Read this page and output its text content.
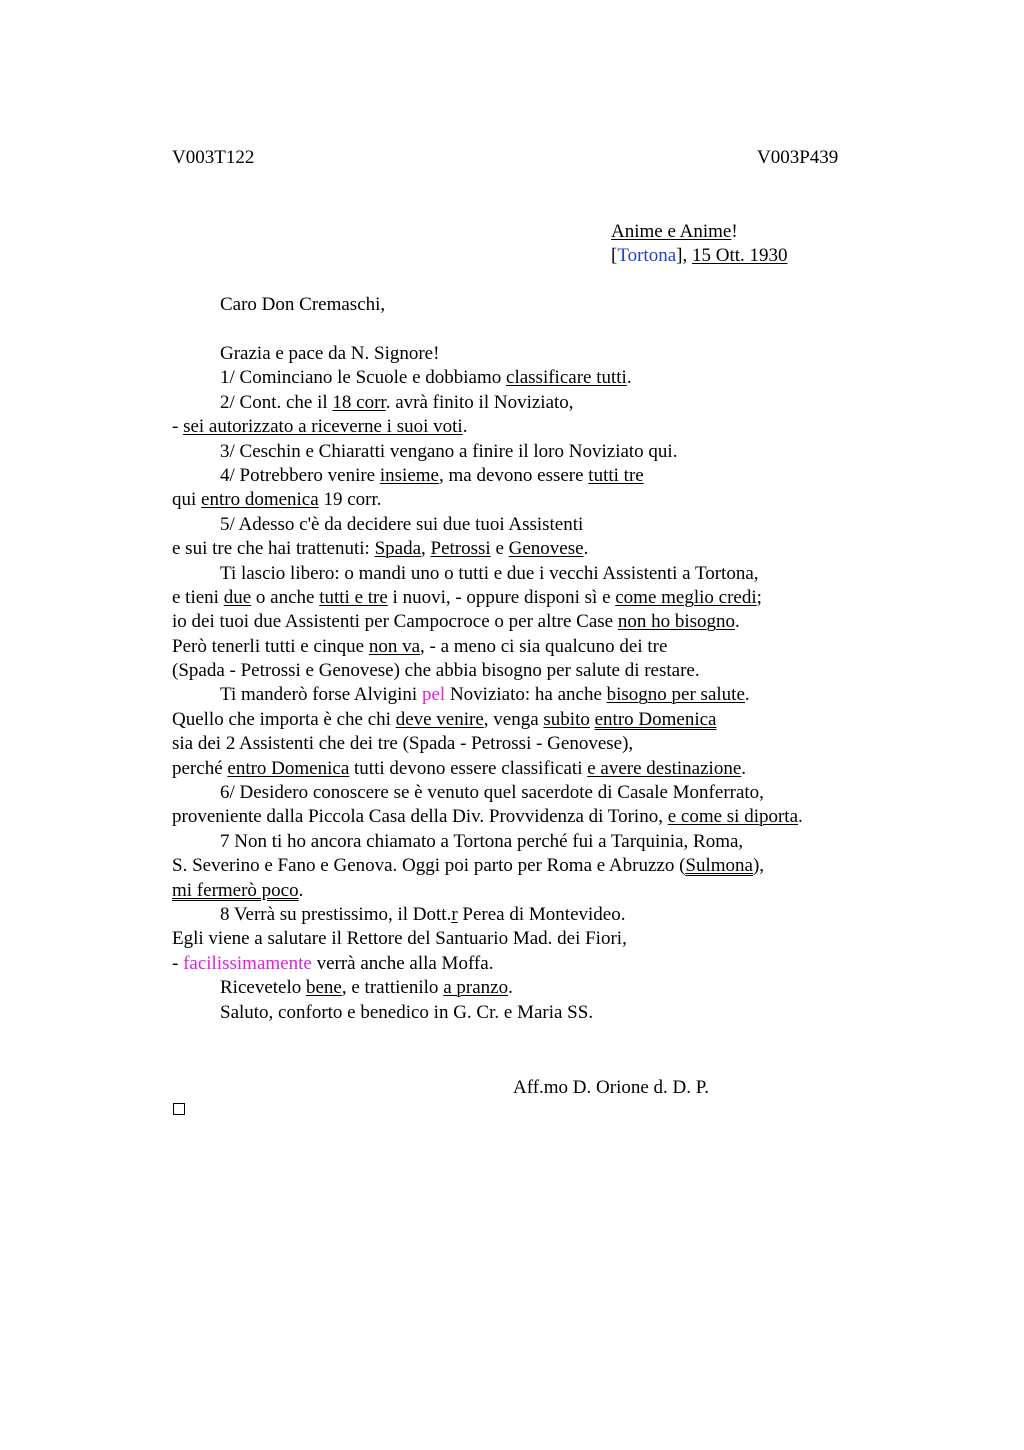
V003T122	V003P439
Anime e Anime!
[Tortona], 15 Ott. 1930
Caro Don Cremaschi,
Grazia e pace da N. Signore!
1/ Cominciano le Scuole e dobbiamo classificare tutti.
2/ Cont. che il 18 corr. avrà finito il Noviziato,
- sei autorizzato a riceverne i suoi voti.
3/ Ceschin e Chiaratti vengano a finire il loro Noviziato qui.
4/ Potrebbero venire insieme, ma devono essere tutti tre
qui entro domenica 19 corr.
5/ Adesso c'è da decidere sui due tuoi Assistenti
e sui tre che hai trattenuti: Spada, Petrossi e Genovese.
Ti lascio libero: o mandi uno o tutti e due i vecchi Assistenti a Tortona,
e tieni due o anche tutti e tre i nuovi, - oppure disponi sì e come meglio credi;
io dei tuoi due Assistenti per Campocroce o per altre Case non ho bisogno.
Però tenerli tutti e cinque non va, - a meno ci sia qualcuno dei tre
(Spada - Petrossi e Genovese) che abbia bisogno per salute di restare.
Ti manderò forse Alvigini pel Noviziato: ha anche bisogno per salute.
Quello che importa è che chi deve venire, venga subito entro Domenica
sia dei 2 Assistenti che dei tre (Spada - Petrossi - Genovese),
perché entro Domenica tutti devono essere classificati e avere destinazione.
6/ Desidero conoscere se è venuto quel sacerdote di Casale Monferrato,
proveniente dalla Piccola Casa della Div. Provvidenza di Torino, e come si diporta.
7 Non ti ho ancora chiamato a Tortona perché fui a Tarquinia, Roma,
S. Severino e Fano e Genova. Oggi poi parto per Roma e Abruzzo (Sulmona),
mi fermerò poco.
8 Verrà su prestissimo, il Dott.r Perea di Montevideo.
Egli viene a salutare il Rettore del Santuario Mad. dei Fiori,
- facilissimamente verrà anche alla Moffa.
Ricevetelo bene, e trattienilo a pranzo.
Saluto, conforto e benedico in G. Cr. e Maria SS.
Aff.mo D. Orione d. D. P.
